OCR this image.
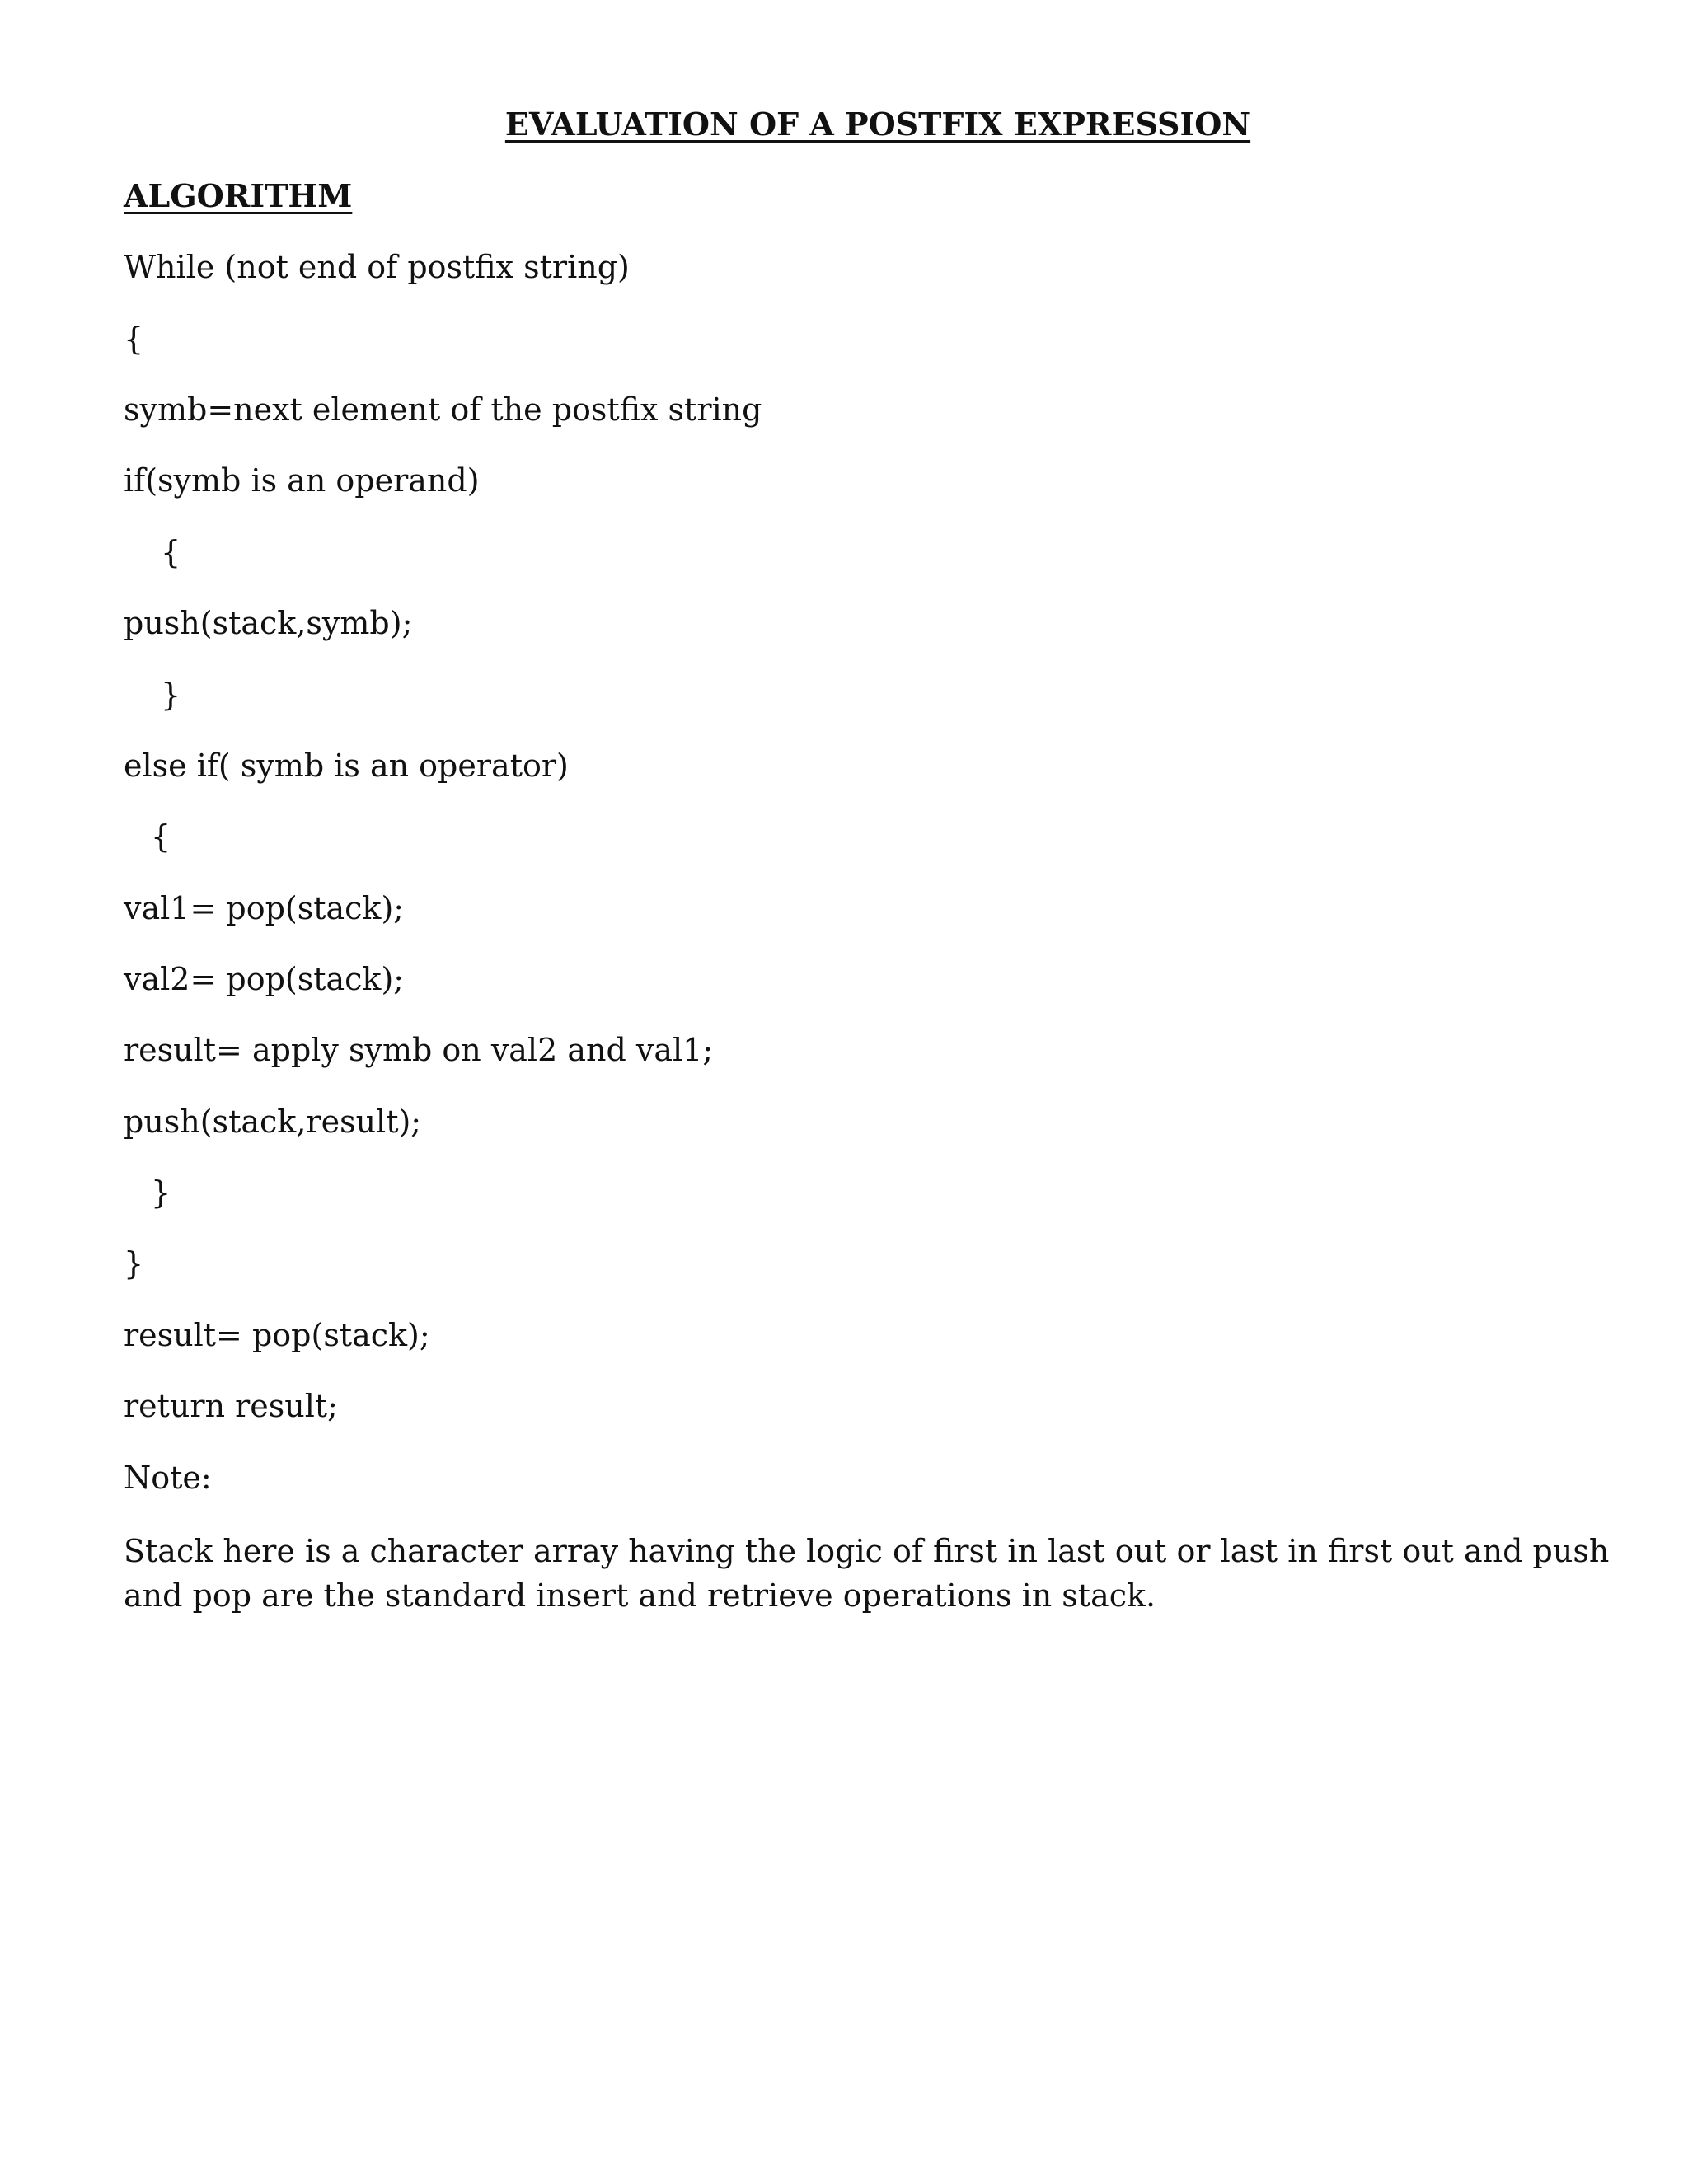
EVALUATION OF A POSTFIX EXPRESSION
ALGORITHM
While (not end of postfix string)
{
symb=next element of the postfix string
if(symb is an operand)
{
push(stack,symb);
}
else if( symb is an operator)
{
val1= pop(stack);
val2= pop(stack);
result= apply symb on val2 and val1;
push(stack,result);
}
}
result= pop(stack);
return result;
Note:
Stack here is a character array having the logic of first in last out or last in first out and push and pop are the standard insert and retrieve operations in stack.
